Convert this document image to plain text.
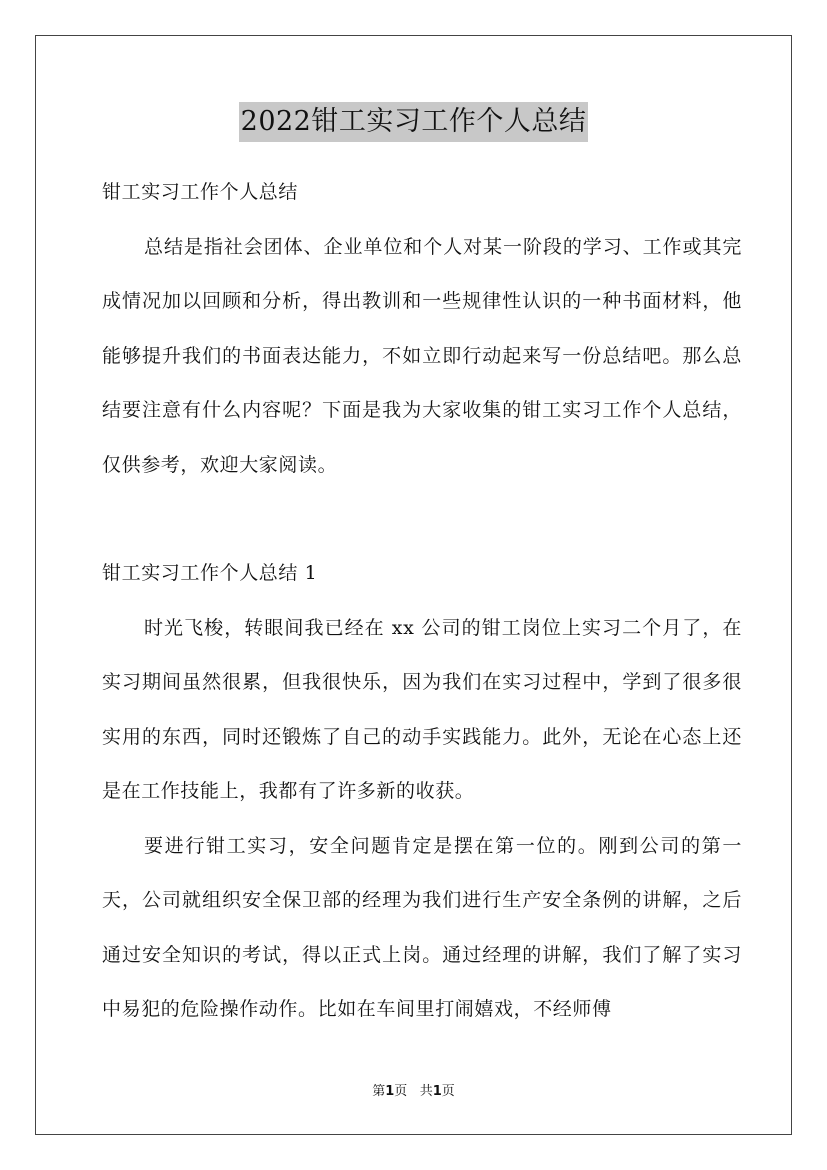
2022钳工实习工作个人总结

钳工实习工作个人总结

总结是指社会团体、企业单位和个人对某一阶段的学习、工作或其完成情况加以回顾和分析，得出教训和一些规律性认识的一种书面材料，他能够提升我们的书面表达能力，不如立即行动起来写一份总结吧。那么总结要注意有什么内容呢？下面是我为大家收集的钳工实习工作个人总结，仅供参考，欢迎大家阅读。

钳工实习工作个人总结 1

时光飞梭，转眼间我已经在 xx 公司的钳工岗位上实习二个月了，在实习期间虽然很累，但我很快乐，因为我们在实习过程中，学到了很多很实用的东西，同时还锻炼了自己的动手实践能力。此外，无论在心态上还是在工作技能上，我都有了许多新的收获。

要进行钳工实习，安全问题肯定是摆在第一位的。刚到公司的第一天，公司就组织安全保卫部的经理为我们进行生产安全条例的讲解，之后通过安全知识的考试，得以正式上岗。通过经理的讲解，我们了解了实习中易犯的危险操作动作。比如在车间里打闹嬉戏，不经师傅

第1页 共1页
